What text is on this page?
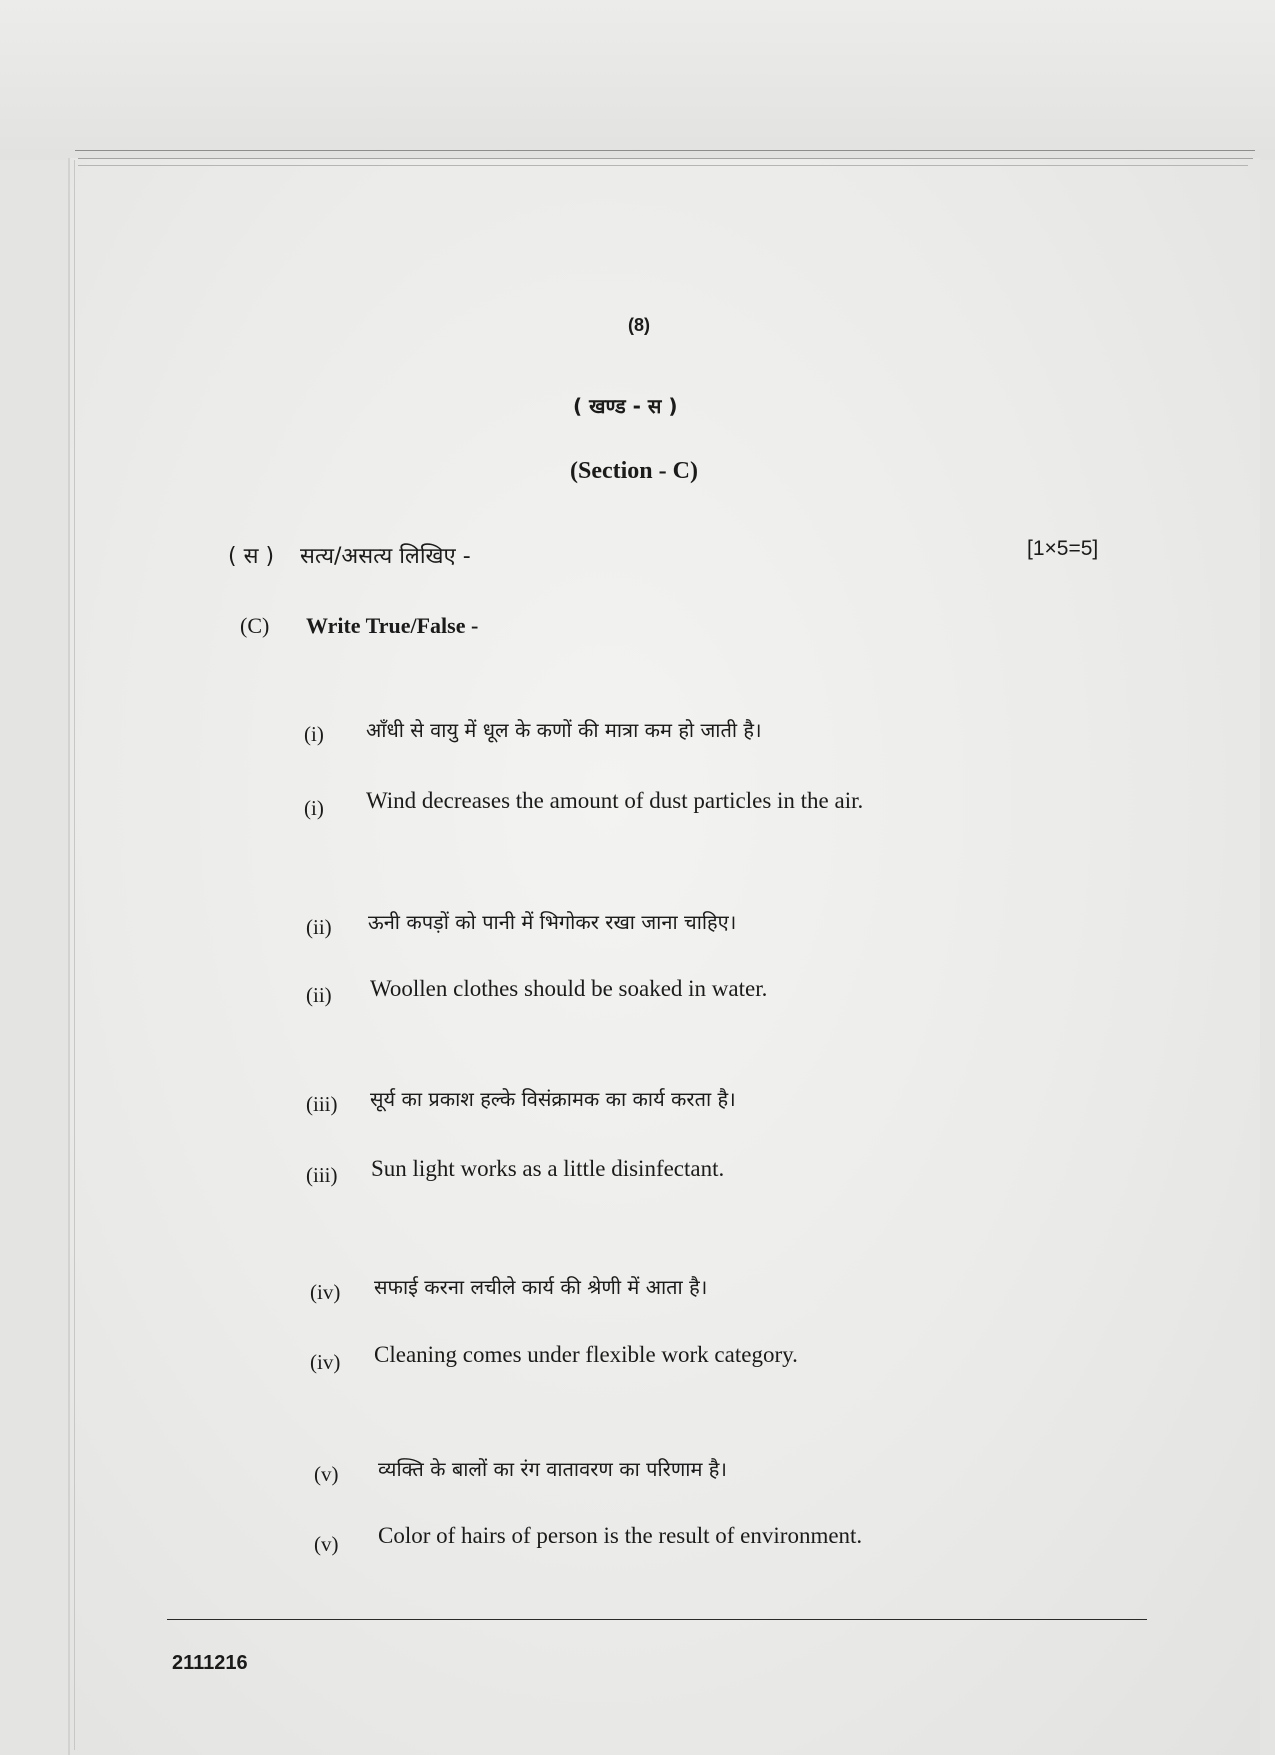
(8)
( खण्ड - स )
(Section - C)
( स ) सत्य/असत्य लिखिए -	[1×5=5]
(C) Write True/False -
(i) आँधी से वायु में धूल के कणों की मात्रा कम हो जाती है।
(i) Wind decreases the amount of dust particles in the air.
(ii) ऊनी कपड़ों को पानी में भिगोकर रखा जाना चाहिए।
(ii) Woollen clothes should be soaked in water.
(iii) सूर्य का प्रकाश हल्के विसंक्रामक का कार्य करता है।
(iii) Sun light works as a little disinfectant.
(iv) सफाई करना लचीले कार्य की श्रेणी में आता है।
(iv) Cleaning comes under flexible work category.
(v) व्यक्ति के बालों का रंग वातावरण का परिणाम है।
(v) Color of hairs of person is the result of environment.
2111216
